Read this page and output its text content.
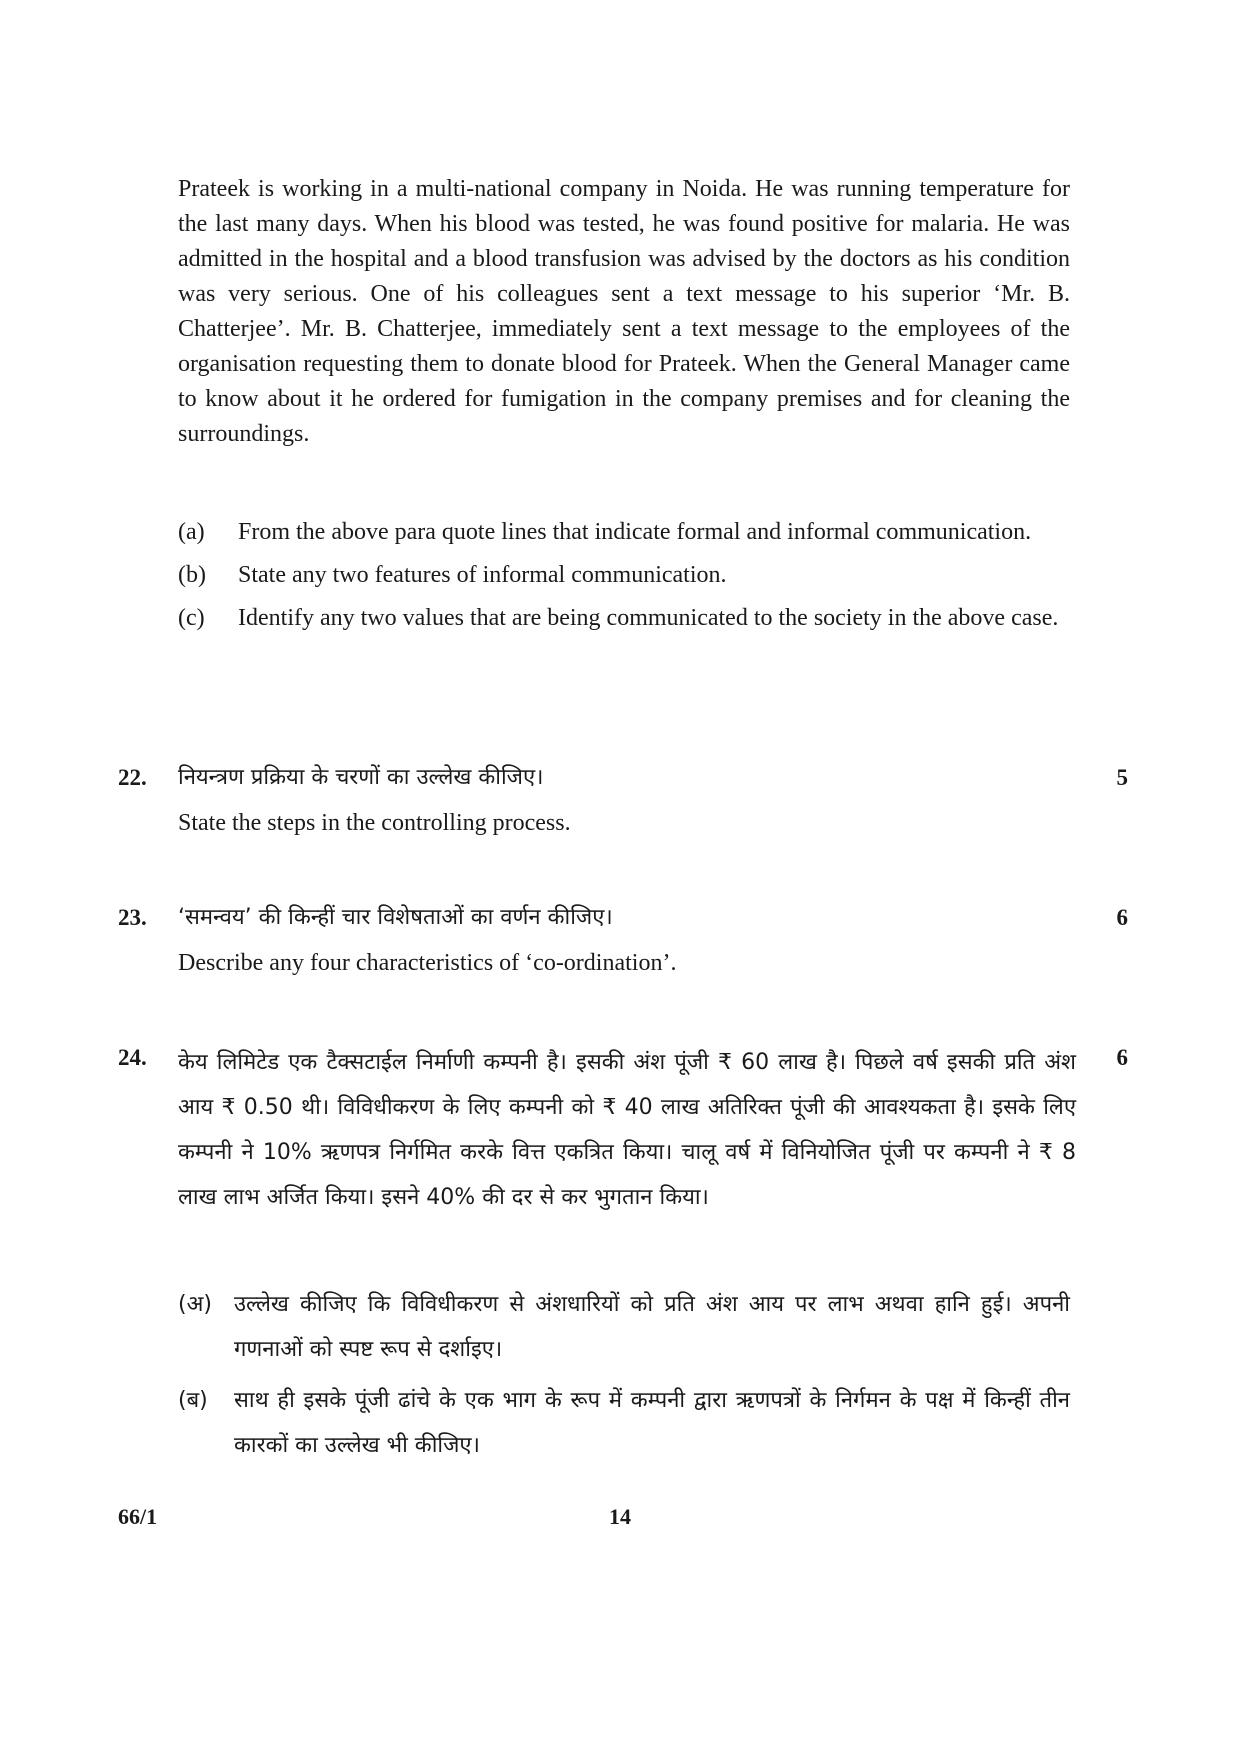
Prateek is working in a multi-national company in Noida. He was running temperature for the last many days. When his blood was tested, he was found positive for malaria. He was admitted in the hospital and a blood transfusion was advised by the doctors as his condition was very serious. One of his colleagues sent a text message to his superior ‘Mr. B. Chatterjee’. Mr. B. Chatterjee, immediately sent a text message to the employees of the organisation requesting them to donate blood for Prateek. When the General Manager came to know about it he ordered for fumigation in the company premises and for cleaning the surroundings.

(a)	From the above para quote lines that indicate formal and informal communication.
(b)	State any two features of informal communication.
(c)	Identify any two values that are being communicated to the society in the above case.
22.	नियन्त्रण प्रक्रिया के चरणों का उल्लेख कीजिए।	5
State the steps in the controlling process.
23.	‘समन्वय’ की किन्हीं चार विशेषताओं का वर्णन कीजिए।	6
Describe any four characteristics of ‘co-ordination’.
24.	केय लिमिटेड एक टैक्सटाईल निर्माणी कम्पनी है। इसकी अंश पूंजी ₹ 60 लाख है। पिछले वर्ष इसकी प्रति अंश आय ₹ 0.50 थी। विविधीकरण के लिए कम्पनी को ₹ 40 लाख अतिरिक्त पूंजी की आवश्यकता है। इसके लिए कम्पनी ने 10% ऋणपत्र निर्गमित करके वित्त एकत्रित किया। चालू वर्ष में विनियोजित पूंजी पर कम्पनी ने ₹ 8 लाख लाभ अर्जित किया। इसने 40% की दर से कर भुगतान किया।
6
(अ)	उल्लेख कीजिए कि विविधीकरण से अंशधारियों को प्रति अंश आय पर लाभ अथवा हानि हुई। अपनी गणनाओं को स्पष्ट रूप से दर्शाइए।
(ब)	साथ ही इसके पूंजी ढांचे के एक भाग के रूप में कम्पनी द्वारा ऋणपत्रों के निर्गमन के पक्ष में किन्हीं तीन कारकों का उल्लेख भी कीजिए।
66/1	14
